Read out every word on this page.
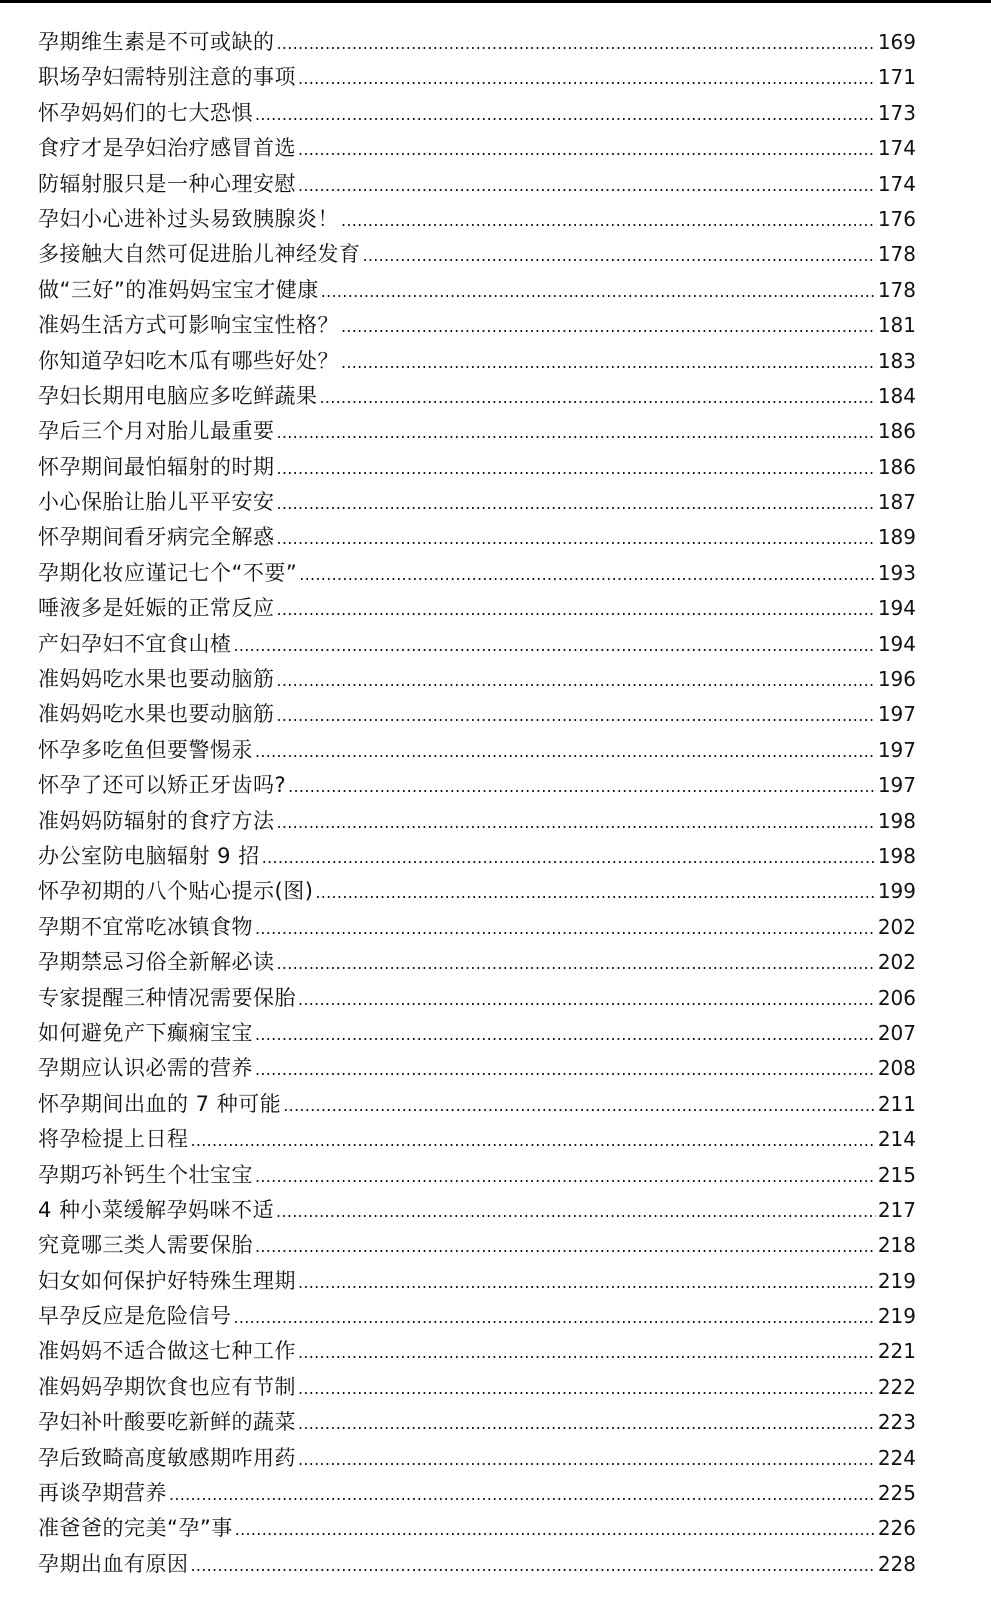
孕期维生素是不可或缺的 .....	169
职场孕妇需特别注意的事项 .....	171
怀孕妈妈们的七大恐惧 .....	173
食疗才是孕妇治疗感冒首选 .....	174
防辐射服只是一种心理安慰 .....	174
孕妇小心进补过头易致胰腺炎！ .....	176
多接触大自然可促进胎儿神经发育 .....	178
做“三好”的准妈妈宝宝才健康 .....	178
准妈生活方式可影响宝宝性格？ .....	181
你知道孕妇吃木瓜有哪些好处？ .....	183
孕妇长期用电脑应多吃鲜蔬果 .....	184
孕后三个月对胎儿最重要 .....	186
怀孕期间最怕辐射的时期 .....	186
小心保胎让胎儿平平安安 .....	187
怀孕期间看牙病完全解惑 .....	189
孕期化妆应谨记七个“不要” .....	193
唾液多是妊娠的正常反应 .....	194
产妇孕妇不宜食山楂 .....	194
准妈妈吃水果也要动脑筋 .....	196
准妈妈吃水果也要动脑筋 .....	197
怀孕多吃鱼但要警惕汞 .....	197
怀孕了还可以矫正牙齿吗? .....	197
准妈妈防辐射的食疗方法 .....	198
办公室防电脑辐射 9 招 .....	198
怀孕初期的八个贴心提示(图) .....	199
孕期不宜常吃冰镇食物 .....	202
孕期禁忌习俗全新解必读 .....	202
专家提醒三种情况需要保胎 .....	206
如何避免产下癫痫宝宝 .....	207
孕期应认识必需的营养 .....	208
怀孕期间出血的 7 种可能 .....	211
将孕检提上日程 .....	214
孕期巧补钙生个壮宝宝 .....	215
4 种小菜缓解孕妈咪不适 .....	217
究竟哪三类人需要保胎 .....	218
妇女如何保护好特殊生理期 .....	219
早孕反应是危险信号 .....	219
准妈妈不适合做这七种工作 .....	221
准妈妈孕期饮食也应有节制 .....	222
孕妇补叶酸要吃新鲜的蔬菜 .....	223
孕后致畸高度敏感期咋用药 .....	224
再谈孕期营养 .....	225
准爸爸的完美“孕”事 .....	226
孕期出血有原因 .....	228
